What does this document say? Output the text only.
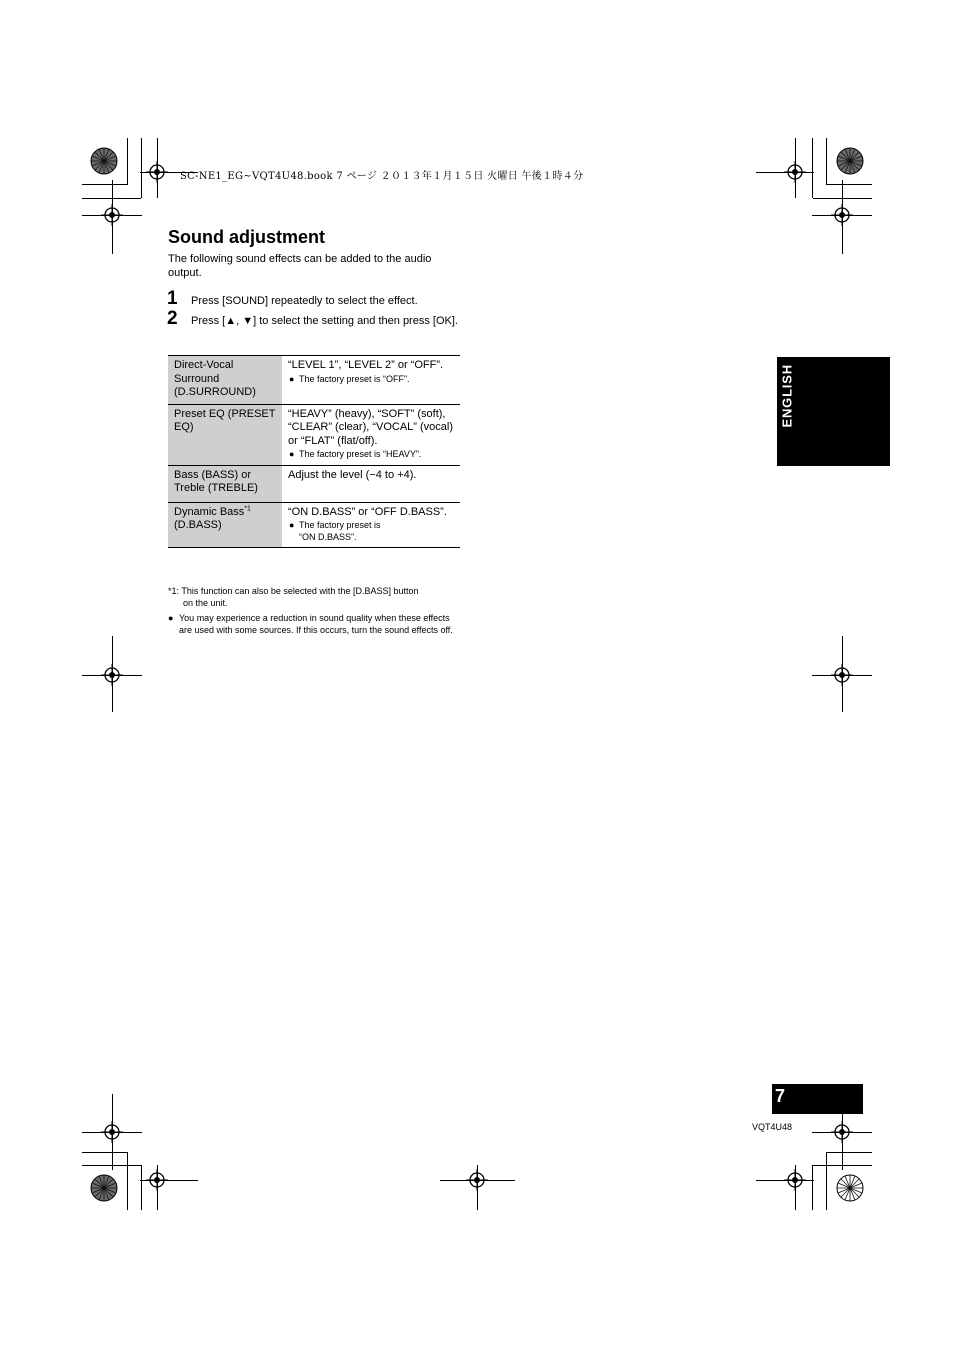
SC-NE1_EG~VQT4U48.book 7 ページ ２０１３年１月１５日 火曜日 午後１時４分
Sound adjustment
The following sound effects can be added to the audio output.
1 Press [SOUND] repeatedly to select the effect.
2 Press [▲, ▼] to select the setting and then press [OK].
Direct-Vocal Surround (D.SURROUND)	“LEVEL 1”, “LEVEL 2” or “OFF”.
● The factory preset is “OFF”.

Preset EQ (PRESET EQ)	“HEAVY” (heavy), “SOFT” (soft), “CLEAR” (clear), “VOCAL” (vocal) or “FLAT” (flat/off).
● The factory preset is “HEAVY”.

Bass (BASS) or Treble (TREBLE)	Adjust the level (−4 to +4).
Dynamic Bass$^{*1}$
(D.BASS)	“ON D.BASS” or “OFF D.BASS”.
● The factory preset is “ON D.BASS”.
*1: This function can also be selected with the [D.BASS] button
on the unit.
● You may experience a reduction in sound quality when these effects are used with some sources. If this occurs, turn the sound effects off.
7
VQT4U48
